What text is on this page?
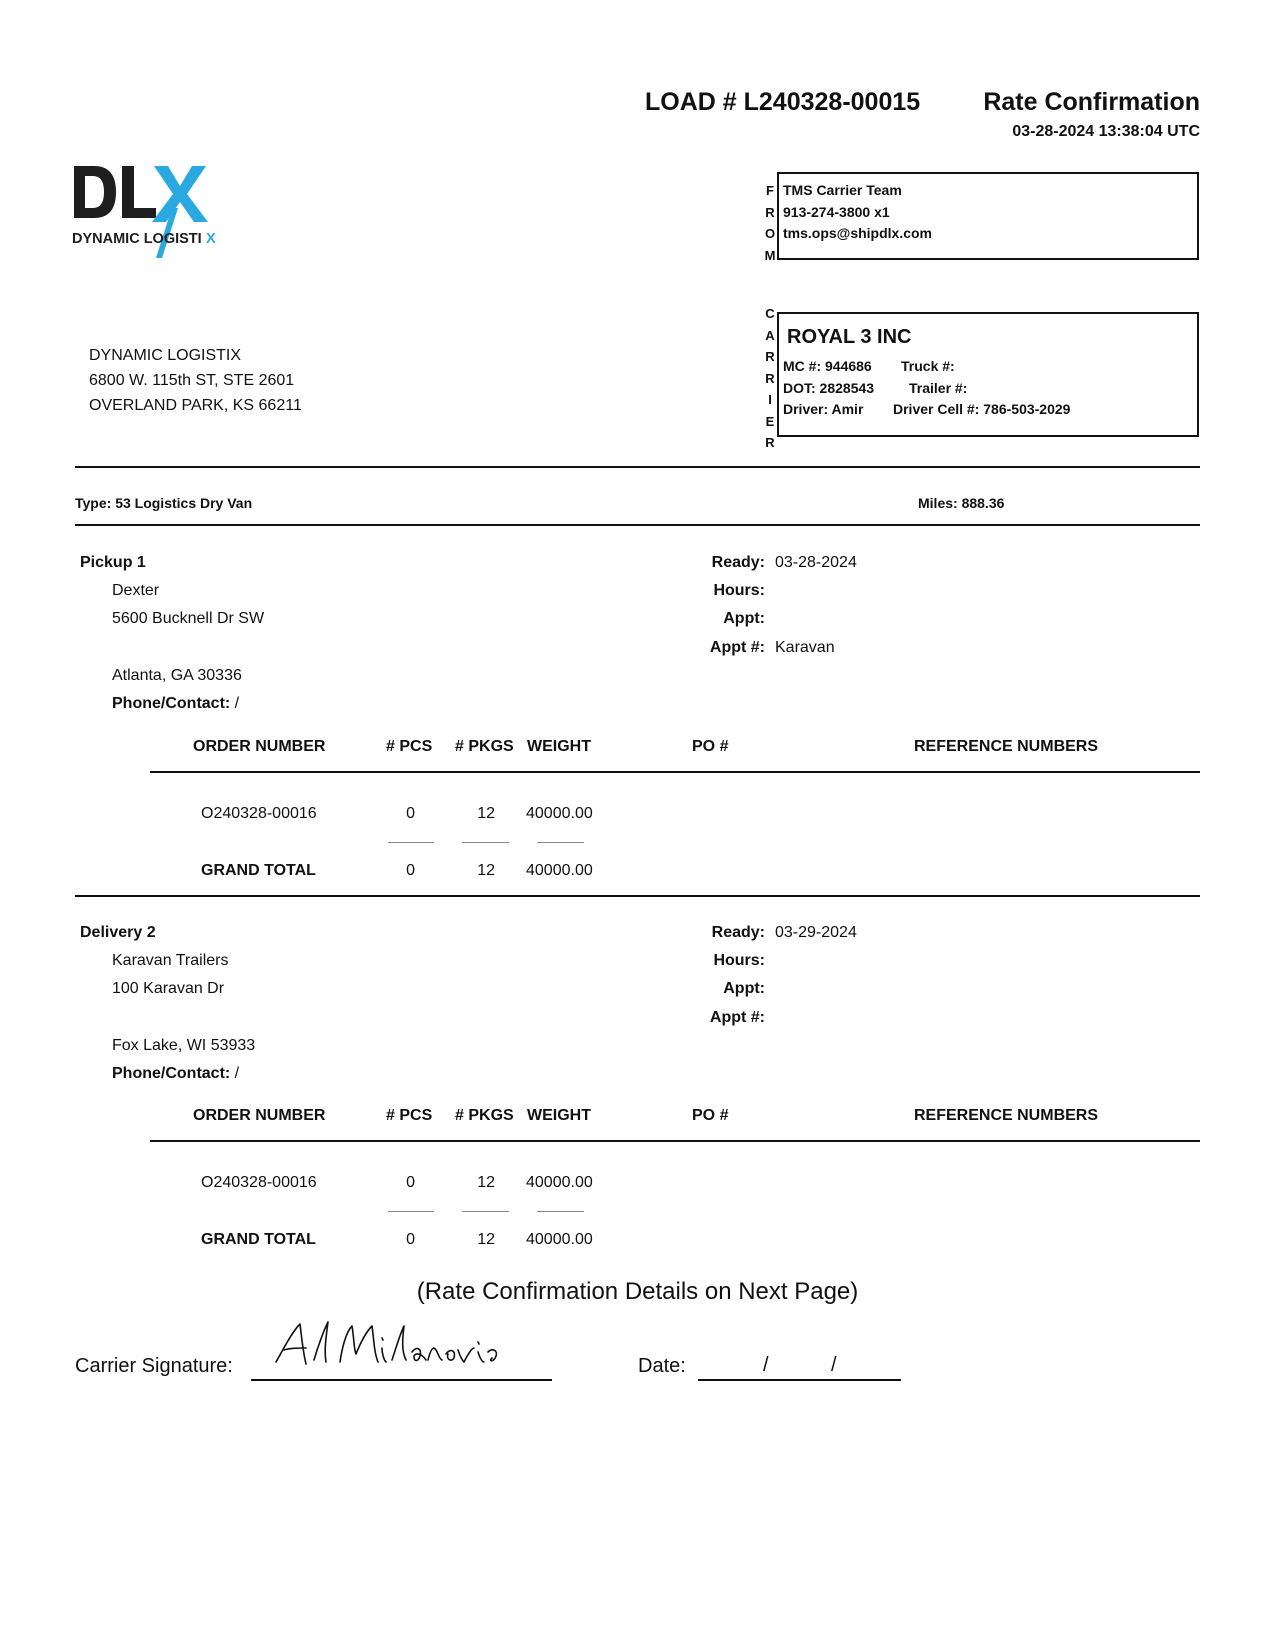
LOAD # L240328-00015	Rate Confirmation
03-28-2024 13:38:04 UTC
DYNAMIC LOGISTI X
F
R
O
M
TMS Carrier Team
913-274-3800 x1
tms.ops@shipdlx.com
C
A
R
R
I
E
R
ROYAL 3 INC
MC #: 944686 Truck #:
DOT: 2828543 Trailer #:
Driver: Amir Driver Cell #: 786-503-2029
DYNAMIC LOGISTIX
6800 W. 115th ST, STE 2601
OVERLAND PARK, KS 66211
Type: 53 Logistics Dry Van	Miles: 888.36
Pickup 1
Dexter
5600 Bucknell Dr SW
Atlanta, GA 30336
Phone/Contact: /
Ready: 03-28-2024
Hours:
Appt:
Appt #: Karavan
ORDER NUMBER	# PCS # PKGS WEIGHT	PO #	REFERENCE NUMBERS
O240328-00016	0	12 40000.00
GRAND TOTAL	0	12 40000.00
Delivery 2
Karavan Trailers
100 Karavan Dr
Fox Lake, WI 53933
Phone/Contact: /
Ready: 03-29-2024
Hours:
Appt:
Appt #:
ORDER NUMBER	# PCS # PKGS WEIGHT	PO #	REFERENCE NUMBERS
O240328-00016	0	12 40000.00
GRAND TOTAL	0	12 40000.00
(Rate Confirmation Details on Next Page)
Carrier Signature:	Date:	/	/
